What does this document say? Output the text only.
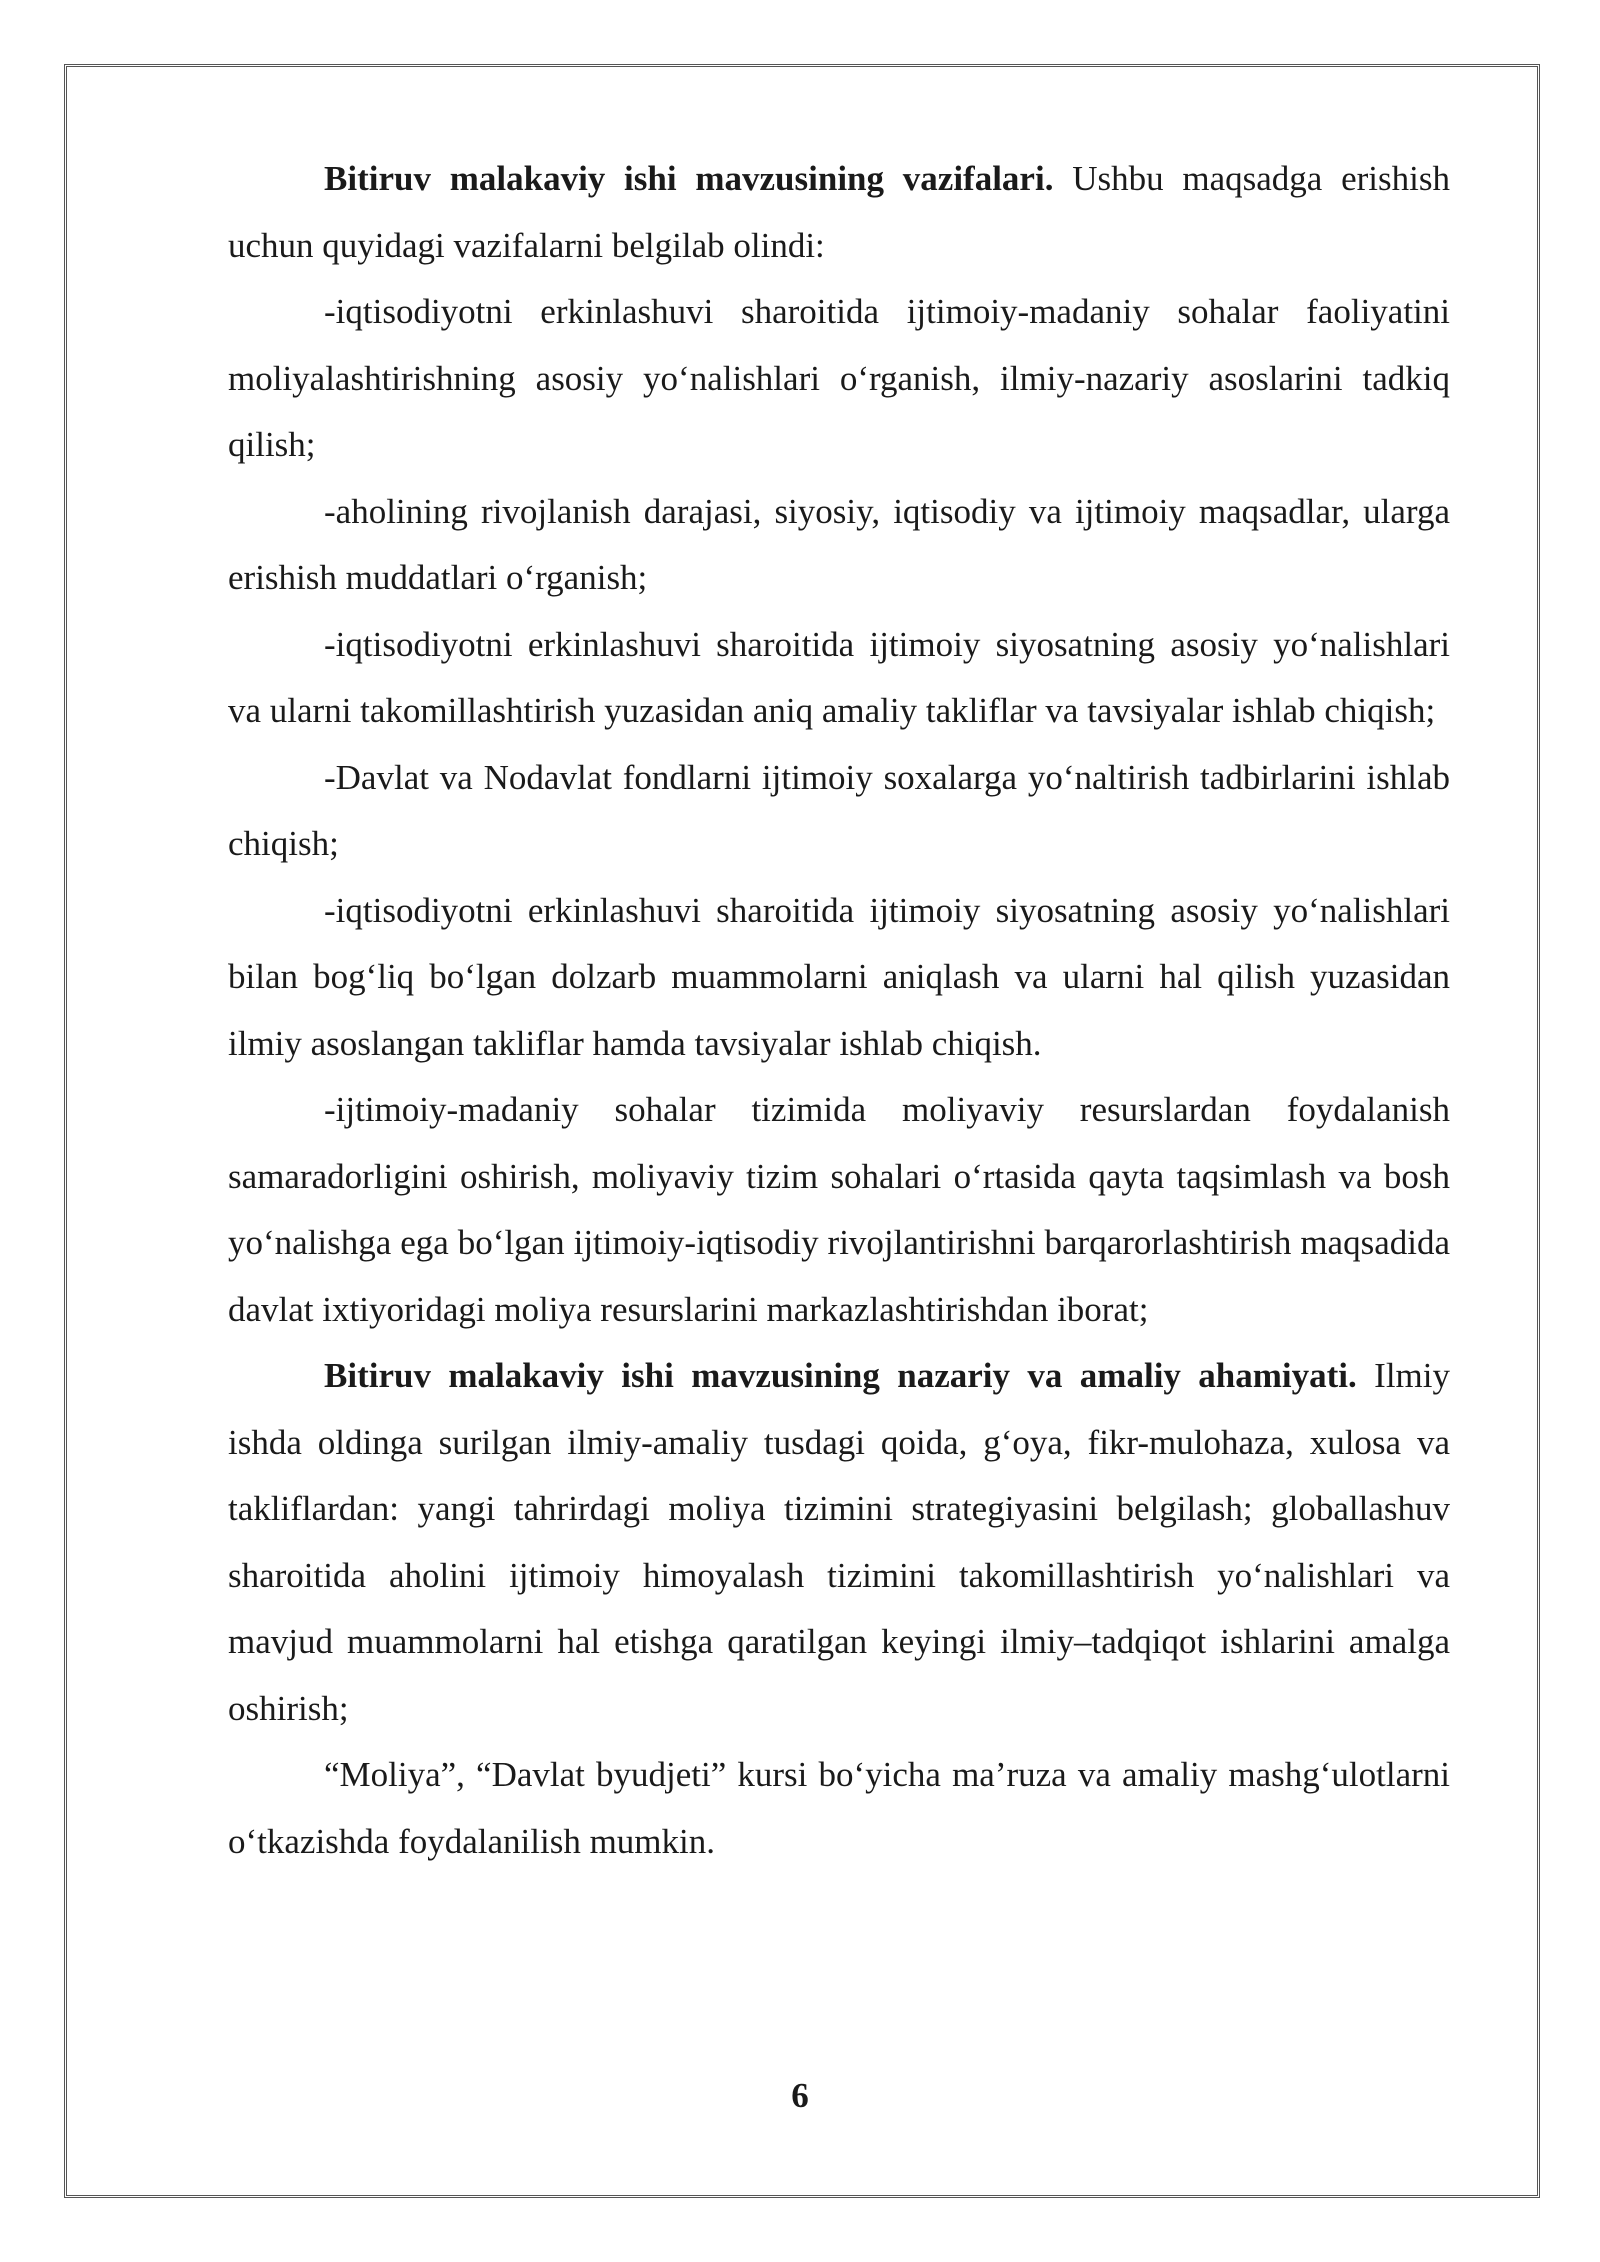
Bitiruv malakaviy ishi mavzusining vazifalari. Ushbu maqsadga erishish uchun quyidagi vazifalarni belgilab olindi:

-iqtisodiyotni erkinlashuvi sharoitida ijtimoiy-madaniy sohalar faoliyatini moliyalashtirishning asosiy yo‘nalishlari o‘rganish, ilmiy-nazariy asoslarini tadkiq qilish;

-aholining rivojlanish darajasi, siyosiy, iqtisodiy va ijtimoiy maqsadlar, ularga erishish muddatlari o‘rganish;

-iqtisodiyotni erkinlashuvi sharoitida ijtimoiy siyosatning asosiy yo‘nalishlari va ularni takomillashtirish yuzasidan aniq amaliy takliflar va tavsiyalar ishlab chiqish;

-Davlat va Nodavlat fondlarni ijtimoiy soxalarga yo‘naltirish tadbirlarini ishlab chiqish;

-iqtisodiyotni erkinlashuvi sharoitida ijtimoiy siyosatning asosiy yo‘nalishlari bilan bog‘liq bo‘lgan dolzarb muammolarni aniqlash va ularni hal qilish yuzasidan ilmiy asoslangan takliflar hamda tavsiyalar ishlab chiqish.

-ijtimoiy-madaniy sohalar tizimida moliyaviy resurslardan foydalanish samaradorligini oshirish, moliyaviy tizim sohalari o‘rtasida qayta taqsimlash va bosh yo‘nalishga ega bo‘lgan ijtimoiy-iqtisodiy rivojlantirishni barqarorlashtirish maqsadida davlat ixtiyoridagi moliya resurslarini markazlashtirishdan iborat;

Bitiruv malakaviy ishi mavzusining nazariy va amaliy ahamiyati. Ilmiy ishda oldinga surilgan ilmiy-amaliy tusdagi qoida, g‘oya, fikr-mulohaza, xulosa va takliflardan: yangi tahrirdagi moliya tizimini strategiyasini belgilash; globallashuv sharoitida aholini ijtimoiy himoyalash tizimini takomillashtirish yo‘nalishlari va mavjud muammolarni hal etishga qaratilgan keyingi ilmiy–tadqiqot ishlarini amalga oshirish;

“Moliya”, “Davlat byudjeti” kursi bo‘yicha ma’ruza va amaliy mashg‘ulotlarni o‘tkazishda foydalanilish mumkin.

6
